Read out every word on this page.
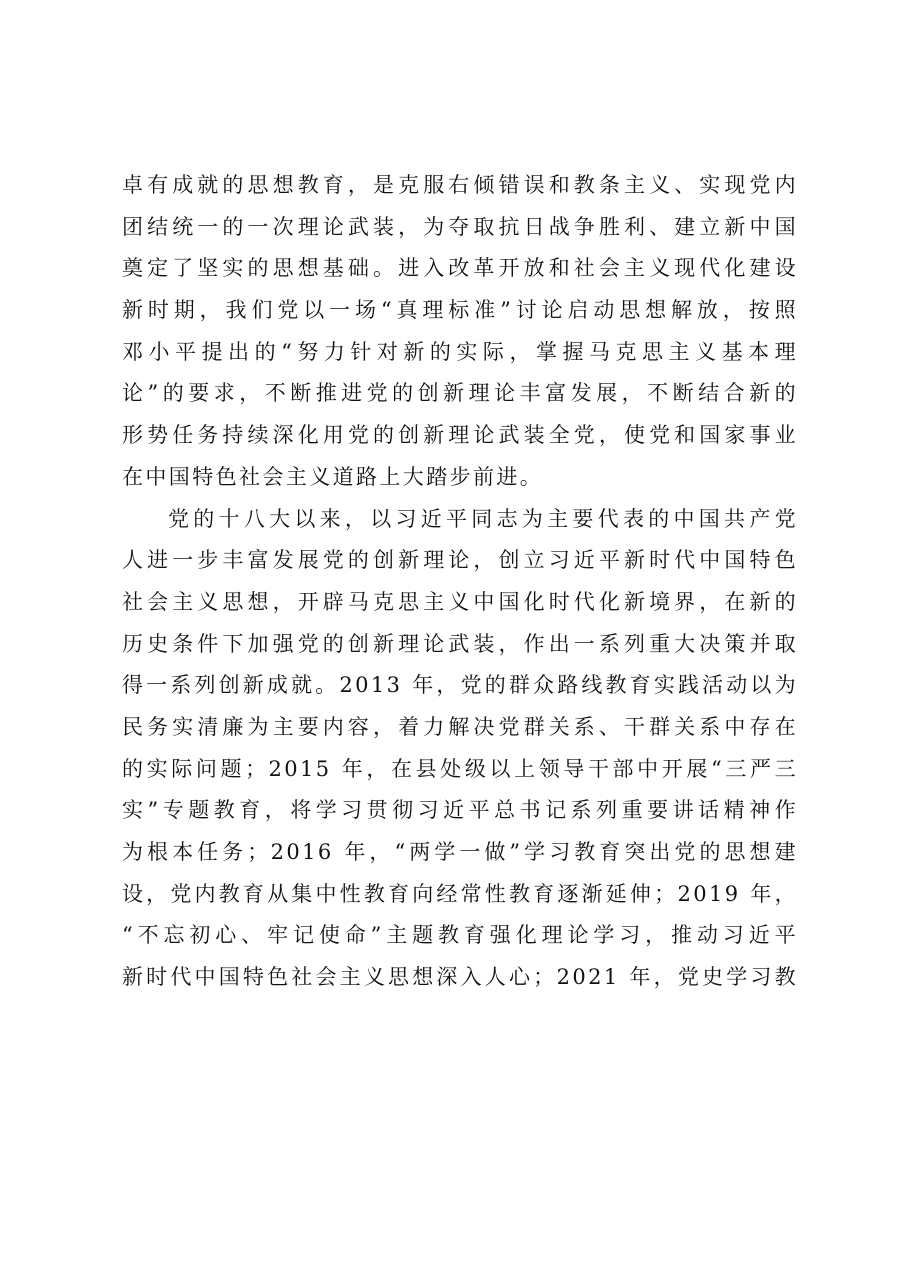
卓有成就的思想教育，是克服右倾错误和教条主义、实现党内
团结统一的一次理论武装，为夺取抗日战争胜利、建立新中国
奠定了坚实的思想基础。进入改革开放和社会主义现代化建设
新时期，我们党以一场“真理标准”讨论启动思想解放，按照
邓小平提出的“努力针对新的实际，掌握马克思主义基本理
论”的要求，不断推进党的创新理论丰富发展，不断结合新的
形势任务持续深化用党的创新理论武装全党，使党和国家事业
在中国特色社会主义道路上大踏步前进。
党的十八大以来，以习近平同志为主要代表的中国共产党
人进一步丰富发展党的创新理论，创立习近平新时代中国特色
社会主义思想，开辟马克思主义中国化时代化新境界，在新的
历史条件下加强党的创新理论武装，作出一系列重大决策并取
得一系列创新成就。2013 年，党的群众路线教育实践活动以为
民务实清廉为主要内容，着力解决党群关系、干群关系中存在
的实际问题；2015 年，在县处级以上领导干部中开展“三严三
实”专题教育，将学习贯彻习近平总书记系列重要讲话精神作
为根本任务；2016 年，“两学一做”学习教育突出党的思想建
设，党内教育从集中性教育向经常性教育逐渐延伸；2019 年，
“不忘初心、牢记使命”主题教育强化理论学习，推动习近平
新时代中国特色社会主义思想深入人心；2021 年，党史学习教
